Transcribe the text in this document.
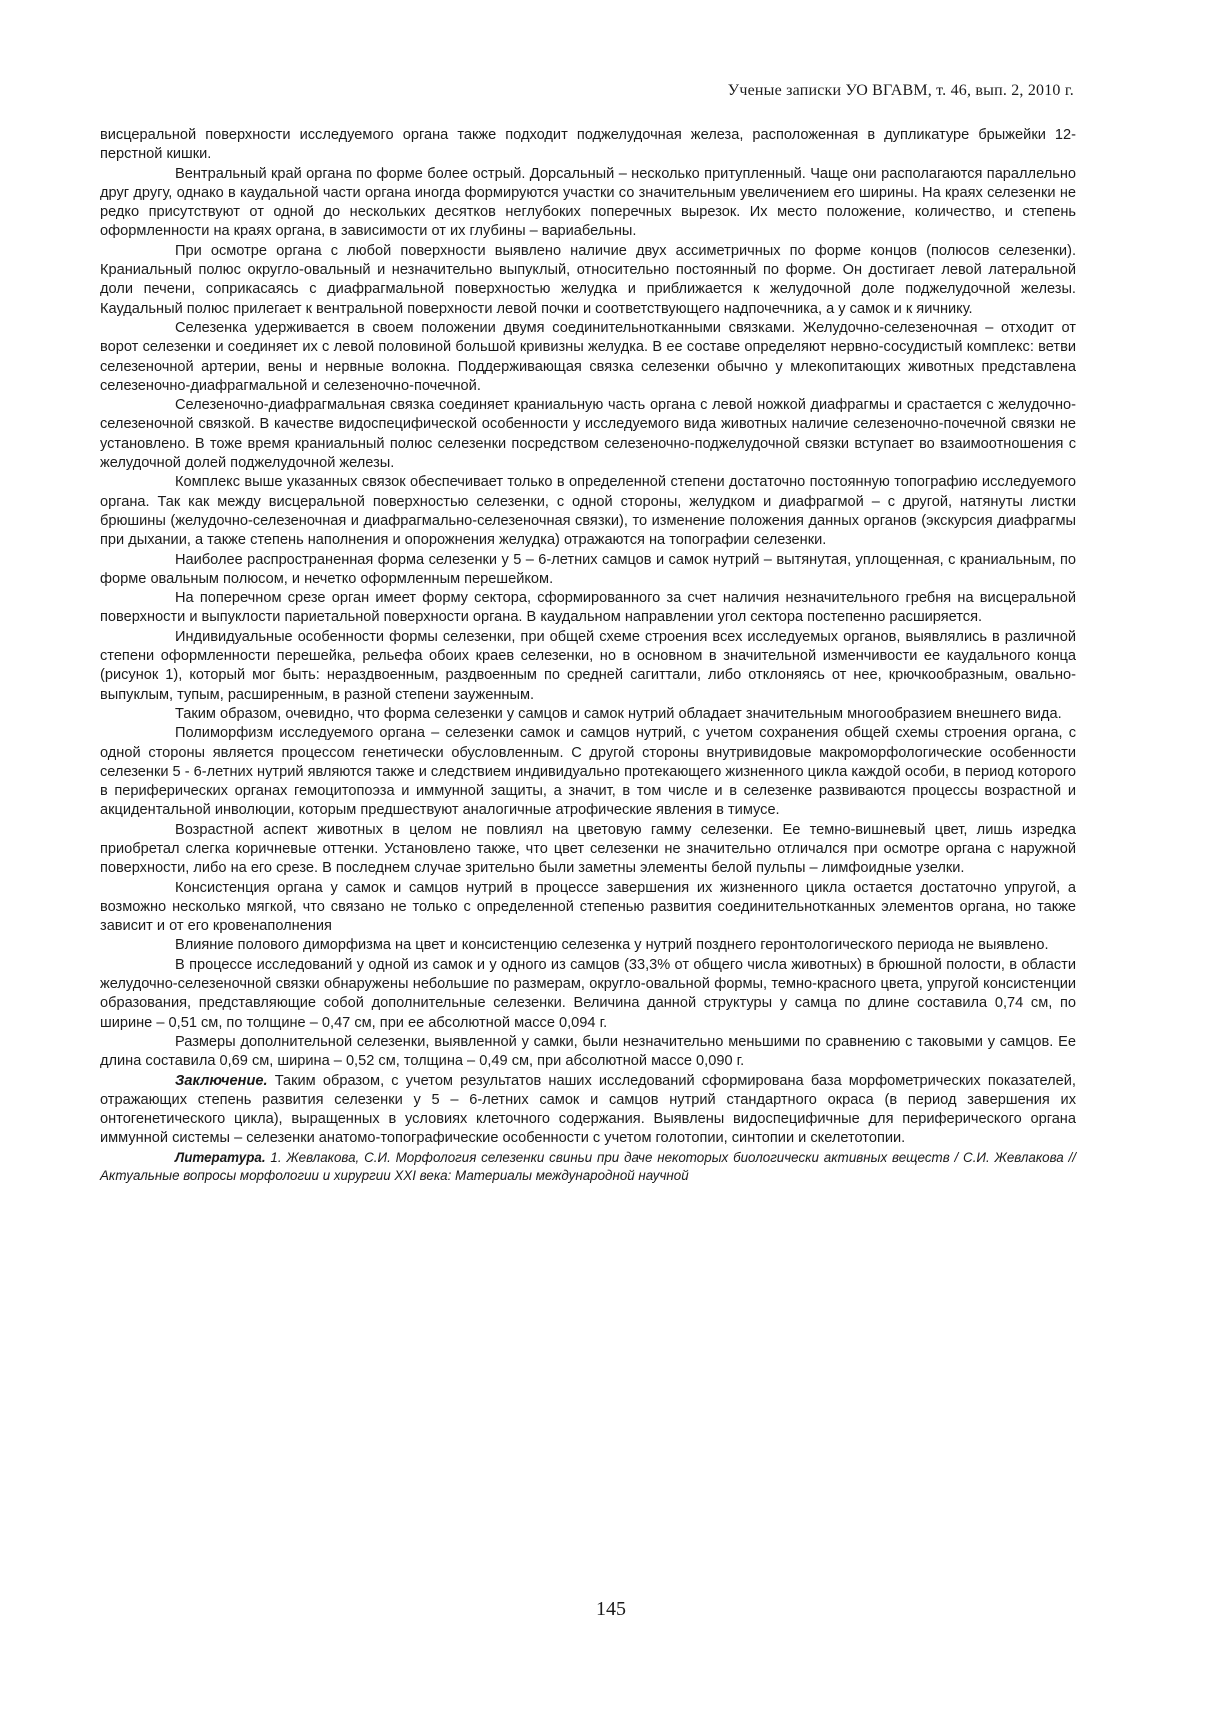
Ученые записки УО ВГАВМ, т. 46, вып. 2, 2010 г.

висцеральной поверхности исследуемого органа также подходит поджелудочная железа, расположенная в дупликатуре брыжейки 12-перстной кишки.

Вентральный край органа по форме более острый. Дорсальный – несколько притупленный. Чаще они располагаются параллельно друг другу, однако в каудальной части органа иногда формируются участки со значительным увеличением его ширины. На краях селезенки не редко присутствуют от одной до нескольких десятков неглубоких поперечных вырезок. Их место положение, количество, и степень оформленности на краях органа, в зависимости от их глубины – вариабельны.

При осмотре органа с любой поверхности выявлено наличие двух ассиметричных по форме концов (полюсов селезенки). Краниальный полюс округло-овальный и незначительно выпуклый, относительно постоянный по форме. Он достигает левой латеральной доли печени, соприкасаясь с диафрагмальной поверхностью желудка и приближается к желудочной доле поджелудочной железы. Каудальный полюс прилегает к вентральной поверхности левой почки и соответствующего надпочечника, а у самок и к яичнику.

Селезенка удерживается в своем положении двумя соединительнотканными связками. Желудочно-селезеночная – отходит от ворот селезенки и соединяет их с левой половиной большой кривизны желудка. В ее составе определяют нервно-сосудистый комплекс: ветви селезеночной артерии, вены и нервные волокна. Поддерживающая связка селезенки обычно у млекопитающих животных представлена селезеночно-диафрагмальной и селезеночно-почечной.

Селезеночно-диафрагмальная связка соединяет краниальную часть органа с левой ножкой диафрагмы и срастается с желудочно-селезеночной связкой. В качестве видоспецифической особенности у исследуемого вида животных наличие селезеночно-почечной связки не установлено. В тоже время краниальный полюс селезенки посредством селезеночно-поджелудочной связки вступает во взаимоотношения с желудочной долей поджелудочной железы.

Комплекс выше указанных связок обеспечивает только в определенной степени достаточно постоянную топографию исследуемого органа. Так как между висцеральной поверхностью селезенки, с одной стороны, желудком и диафрагмой – с другой, натянуты листки брюшины (желудочно-селезеночная и диафрагмально-селезеночная связки), то изменение положения данных органов (экскурсия диафрагмы при дыхании, а также степень наполнения и опорожнения желудка) отражаются на топографии селезенки.

Наиболее распространенная форма селезенки у 5 – 6-летних самцов и самок нутрий – вытянутая, уплощенная, с краниальным, по форме овальным полюсом, и нечетко оформленным перешейком.

На поперечном срезе орган имеет форму сектора, сформированного за счет наличия незначительного гребня на висцеральной поверхности и выпуклости париетальной поверхности органа. В каудальном направлении угол сектора постепенно расширяется.

Индивидуальные особенности формы селезенки, при общей схеме строения всех исследуемых органов, выявлялись в различной степени оформленности перешейка, рельефа обоих краев селезенки, но в основном в значительной изменчивости ее каудального конца (рисунок 1), который мог быть: нераздвоенным, раздвоенным по средней сагиттали, либо отклоняясь от нее, крючкообразным, овально-выпуклым, тупым, расширенным, в разной степени зауженным.

Таким образом, очевидно, что форма селезенки у самцов и самок нутрий обладает значительным многообразием внешнего вида.

Полиморфизм исследуемого органа – селезенки самок и самцов нутрий, с учетом сохранения общей схемы строения органа, с одной стороны является процессом генетически обусловленным. С другой стороны внутривидовые макроморфологические особенности селезенки 5 - 6-летних нутрий являются также и следствием индивидуально протекающего жизненного цикла каждой особи, в период которого в периферических органах гемоцитопоэза и иммунной защиты, а значит, в том числе и в селезенке развиваются процессы возрастной и акцидентальной инволюции, которым предшествуют аналогичные атрофические явления в тимусе.

Возрастной аспект животных в целом не повлиял на цветовую гамму селезенки. Ее темно-вишневый цвет, лишь изредка приобретал слегка коричневые оттенки. Установлено также, что цвет селезенки не значительно отличался при осмотре органа с наружной поверхности, либо на его срезе. В последнем случае зрительно были заметны элементы белой пульпы – лимфоидные узелки.

Консистенция органа у самок и самцов нутрий в процессе завершения их жизненного цикла остается достаточно упругой, а возможно несколько мягкой, что связано не только с определенной степенью развития соединительнотканных элементов органа, но также зависит и от его кровенаполнения

Влияние полового диморфизма на цвет и консистенцию селезенка у нутрий позднего геронтологического периода не выявлено.

В процессе исследований у одной из самок и у одного из самцов (33,3% от общего числа животных) в брюшной полости, в области желудочно-селезеночной связки обнаружены небольшие по размерам, округло-овальной формы, темно-красного цвета, упругой консистенции образования, представляющие собой дополнительные селезенки. Величина данной структуры у самца по длине составила 0,74 см, по ширине – 0,51 см, по толщине – 0,47 см, при ее абсолютной массе 0,094 г.

Размеры дополнительной селезенки, выявленной у самки, были незначительно меньшими по сравнению с таковыми у самцов. Ее длина составила 0,69 см, ширина – 0,52 см, толщина – 0,49 см, при абсолютной массе 0,090 г.

Заключение. Таким образом, с учетом результатов наших исследований сформирована база морфометрических показателей, отражающих степень развития селезенки у 5 – 6-летних самок и самцов нутрий стандартного окраса (в период завершения их онтогенетического цикла), выращенных в условиях клеточного содержания. Выявлены видоспецифичные для периферического органа иммунной системы – селезенки анатомо-топографические особенности с учетом голотопии, синтопии и скелетотопии.

Литература. 1. Жевлакова, С.И. Морфология селезенки свиньи при даче некоторых биологически активных веществ / С.И. Жевлакова // Актуальные вопросы морфологии и хирургии XXI века: Материалы международной научной

145
